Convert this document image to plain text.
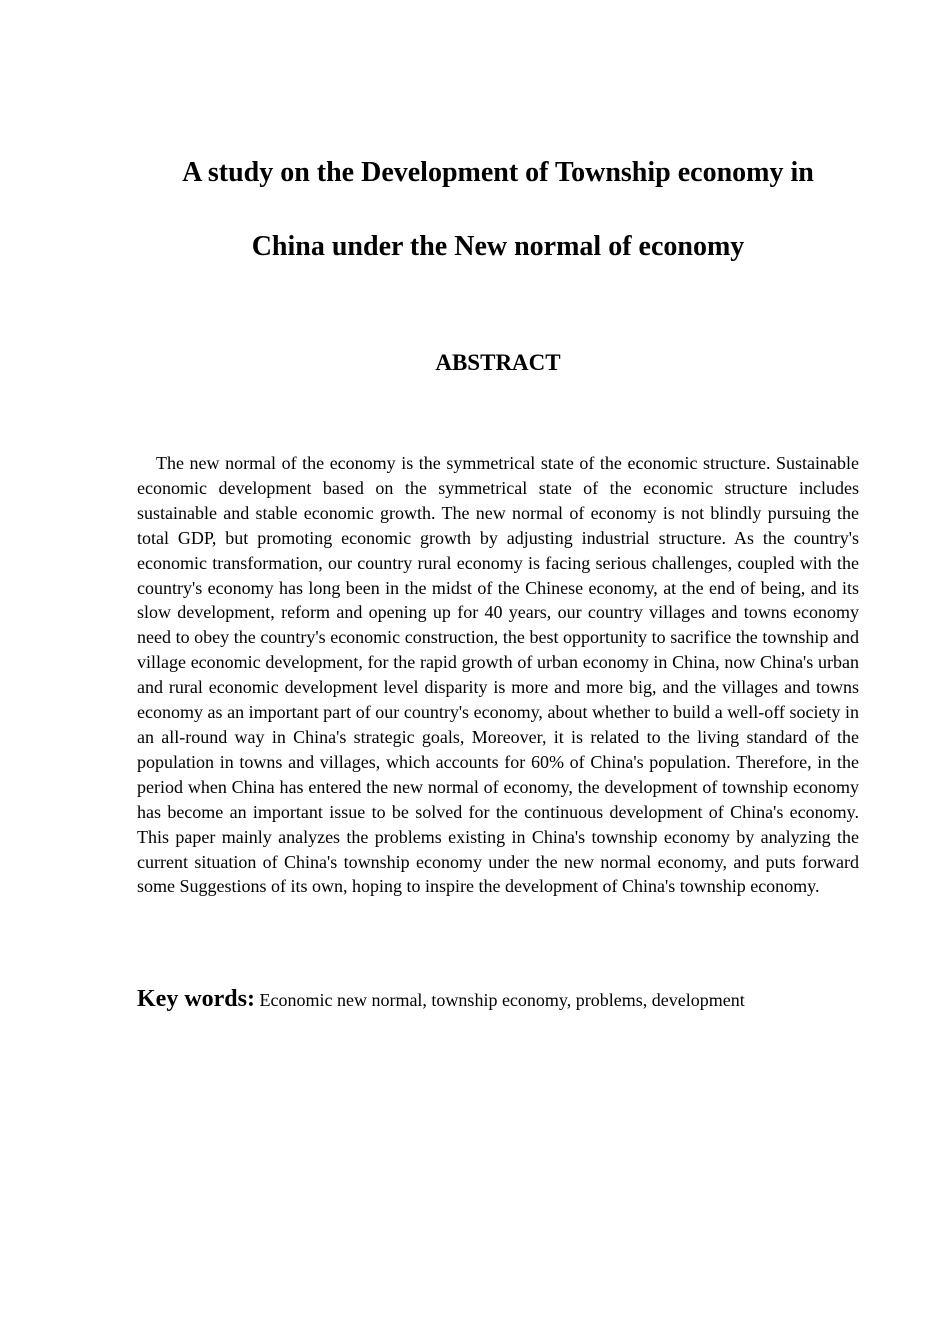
A study on the Development of Township economy in
China under the New normal of economy
ABSTRACT

The new normal of the economy is the symmetrical state of the economic structure. Sustainable economic development based on the symmetrical state of the economic structure includes sustainable and stable economic growth. The new normal of economy is not blindly pursuing the total GDP, but promoting economic growth by adjusting industrial structure. As the country's economic transformation, our country rural economy is facing serious challenges, coupled with the country's economy has long been in the midst of the Chinese economy, at the end of being, and its slow development, reform and opening up for 40 years, our country villages and towns economy need to obey the country's economic construction, the best opportunity to sacrifice the township and village economic development, for the rapid growth of urban economy in China, now China's urban and rural economic development level disparity is more and more big, and the villages and towns economy as an important part of our country's economy, about whether to build a well-off society in an all-round way in China's strategic goals, Moreover, it is related to the living standard of the population in towns and villages, which accounts for 60% of China's population. Therefore, in the period when China has entered the new normal of economy, the development of township economy has become an important issue to be solved for the continuous development of China's economy. This paper mainly analyzes the problems existing in China's township economy by analyzing the current situation of China's township economy under the new normal economy, and puts forward some Suggestions of its own, hoping to inspire the development of China's township economy.

Key words: Economic new normal, township economy, problems, development
